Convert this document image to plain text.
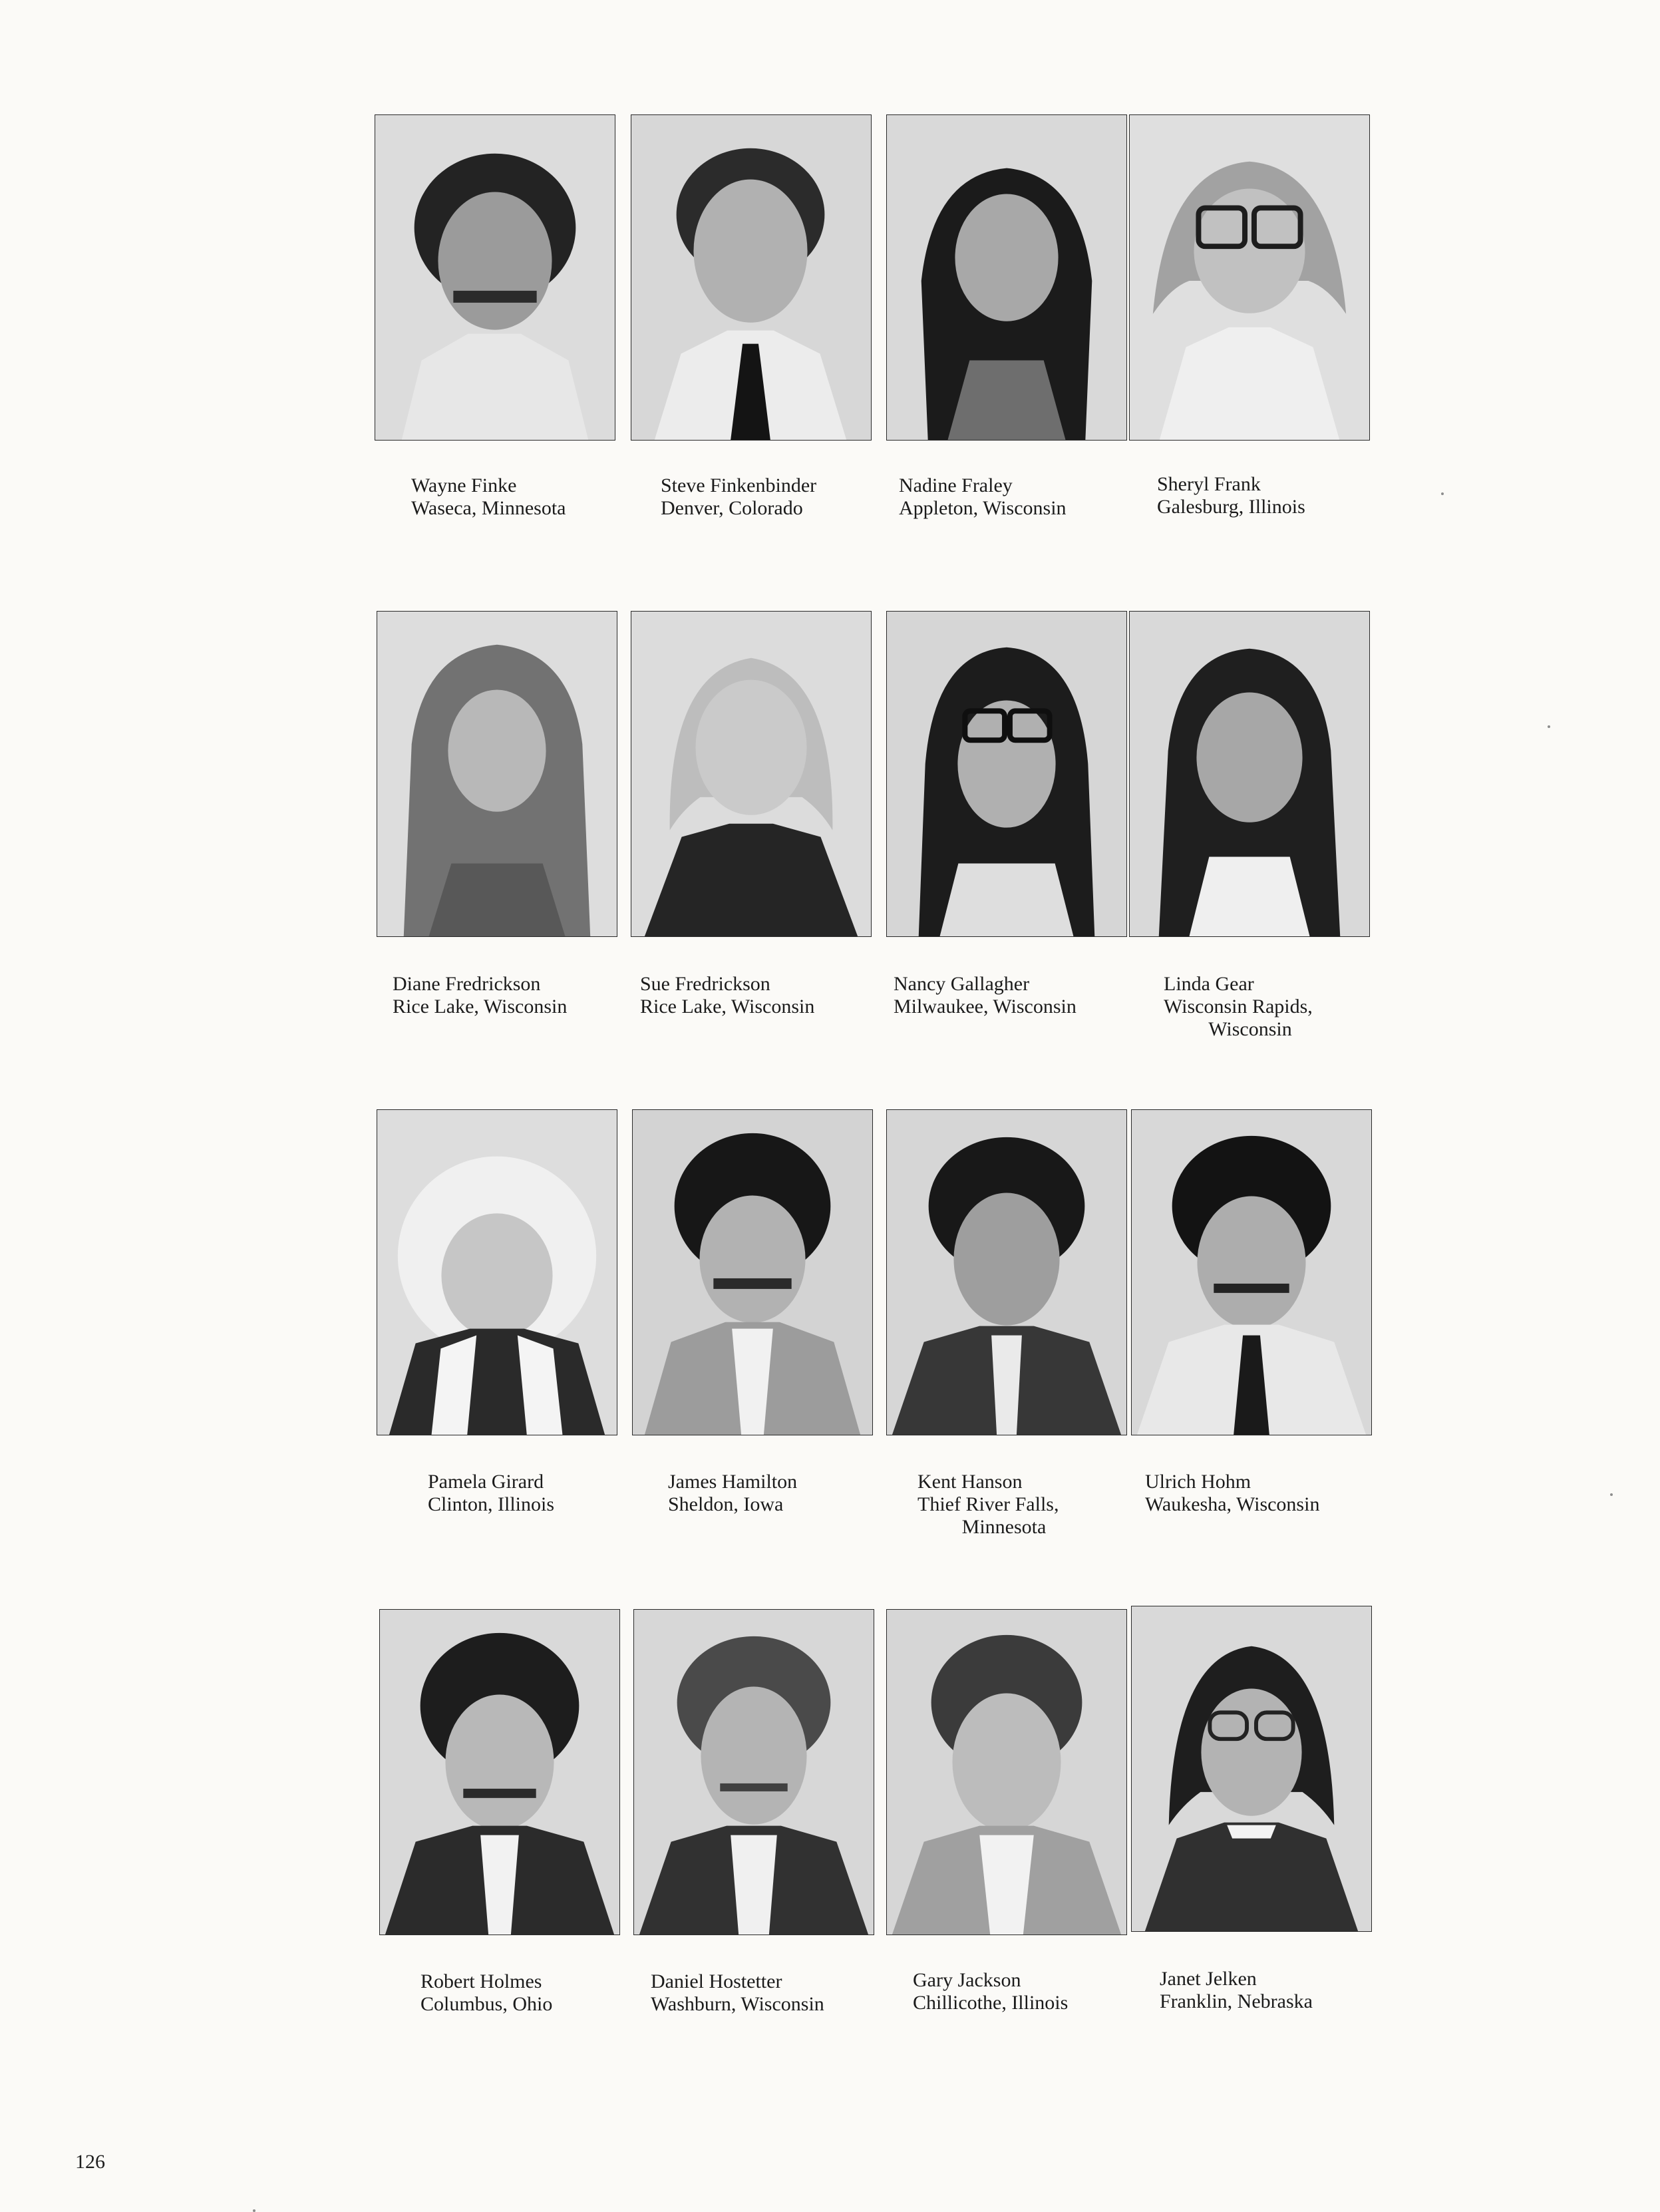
Wayne Finke
Waseca, Minnesota
Steve Finkenbinder
Denver, Colorado
Nadine Fraley
Appleton, Wisconsin
Sheryl Frank
Galesburg, Illinois
Diane Fredrickson
Rice Lake, Wisconsin
Sue Fredrickson
Rice Lake, Wisconsin
Nancy Gallagher
Milwaukee, Wisconsin
Linda Gear
Wisconsin Rapids,
Wisconsin
Pamela Girard
Clinton, Illinois
James Hamilton
Sheldon, Iowa
Kent Hanson
Thief River Falls,
Minnesota
Ulrich Hohm
Waukesha, Wisconsin
Robert Holmes
Columbus, Ohio
Daniel Hostetter
Washburn, Wisconsin
Gary Jackson
Chillicothe, Illinois
Janet Jelken
Franklin, Nebraska
126
